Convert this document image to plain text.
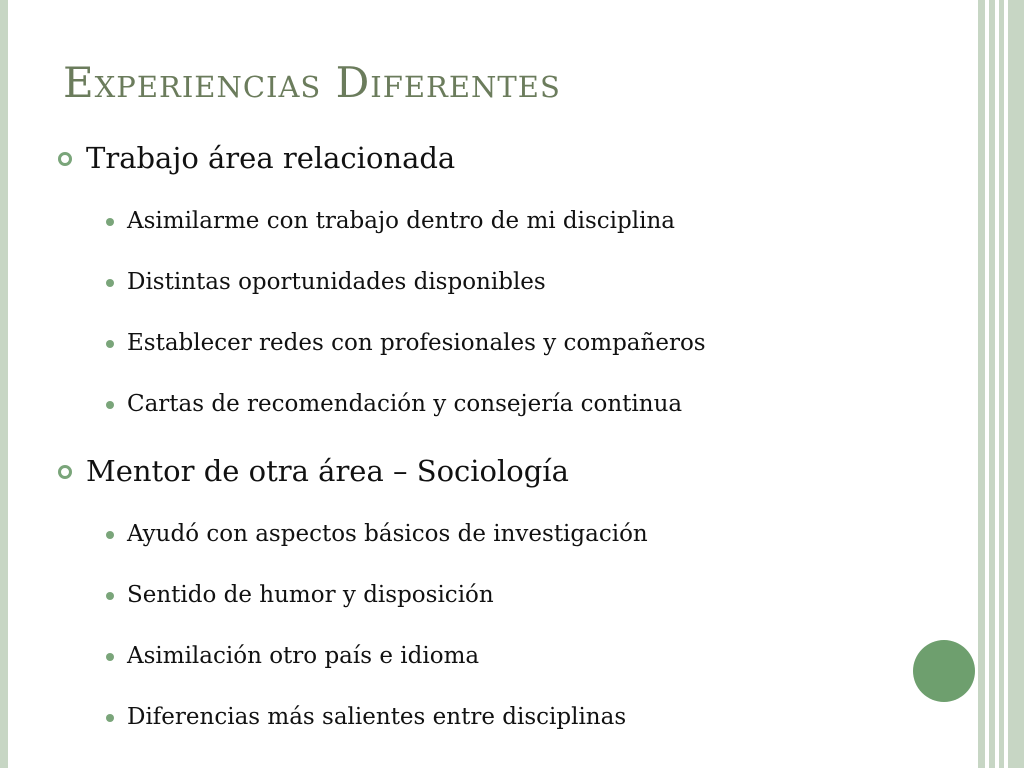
Experiencias Diferentes
Trabajo área relacionada
Asimilarme con trabajo dentro de mi disciplina
Distintas oportunidades disponibles
Establecer redes con profesionales y compañeros
Cartas de recomendación y consejería continua
Mentor de otra área – Sociología
Ayudó con aspectos básicos de investigación
Sentido de humor y disposición
Asimilación otro país e idioma
Diferencias más salientes entre disciplinas
